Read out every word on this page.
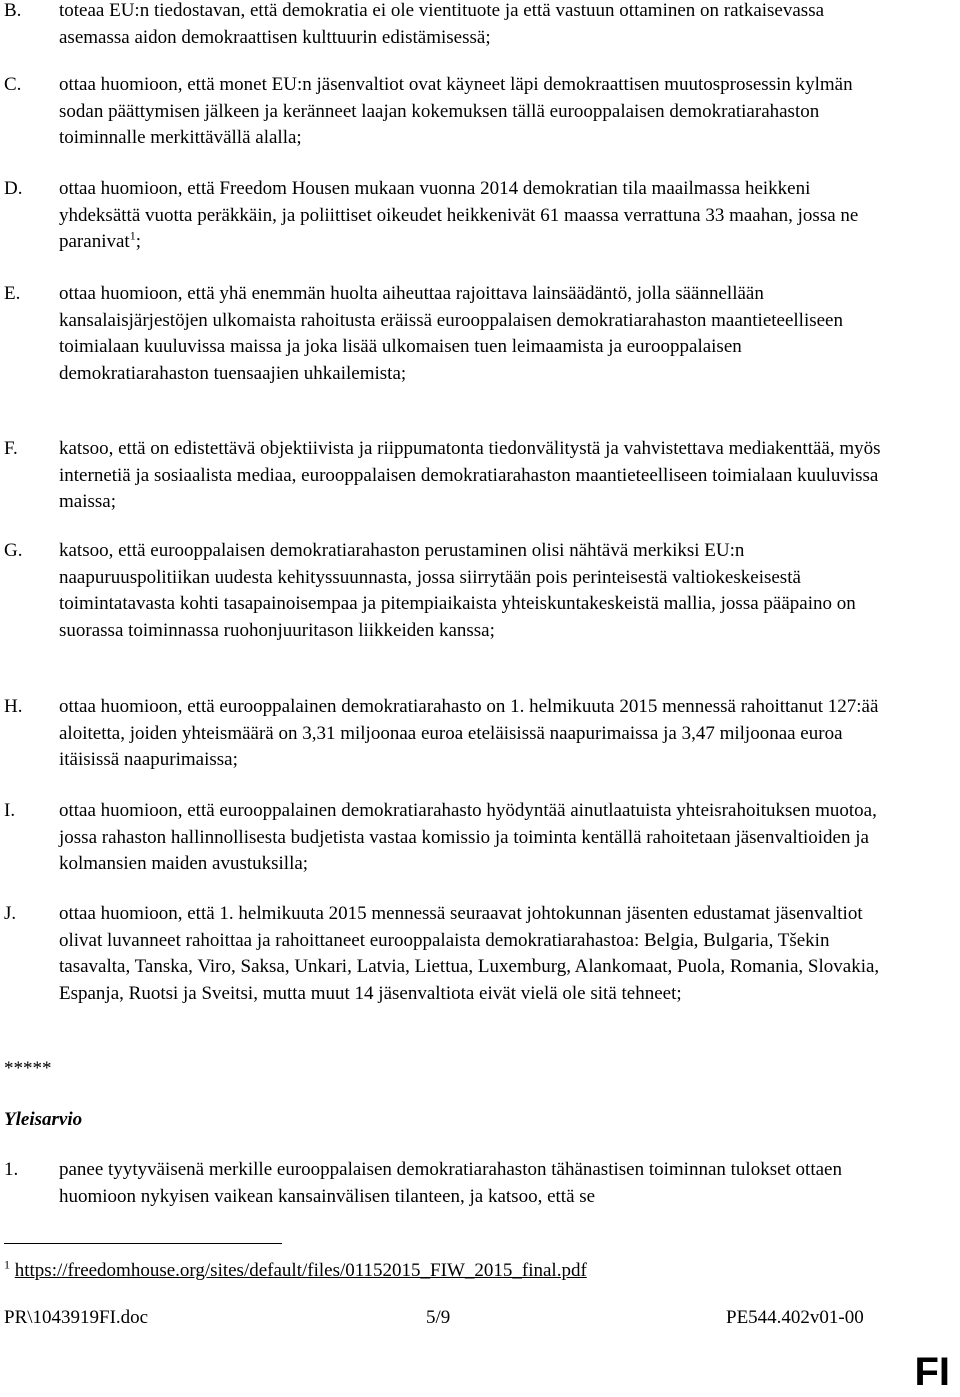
B.	toteaa EU:n tiedostavan, että demokratia ei ole vientituote ja että vastuun ottaminen on ratkaisevassa asemassa aidon demokraattisen kulttuurin edistämisessä;
C.	ottaa huomioon, että monet EU:n jäsenvaltiot ovat käyneet läpi demokraattisen muutosprosessin kylmän sodan päättymisen jälkeen ja keränneet laajan kokemuksen tällä eurooppalaisen demokratiarahaston toiminnalle merkittävällä alalla;
D.	ottaa huomioon, että Freedom Housen mukaan vuonna 2014 demokratian tila maailmassa heikkeni yhdeksättä vuotta peräkkäin, ja poliittiset oikeudet heikkenivät 61 maassa verrattuna 33 maahan, jossa ne paranivat$^1$;
E.	ottaa huomioon, että yhä enemmän huolta aiheuttaa rajoittava lainsäädäntö, jolla säännellään kansalaisjärjestöjen ulkomaista rahoitusta eräissä eurooppalaisen demokratiarahaston maantieteelliseen toimialaan kuuluvissa maissa ja joka lisää ulkomaisen tuen leimaamista ja eurooppalaisen demokratiarahaston tuensaajien uhkailemista;
F.	katsoo, että on edistettävä objektiivista ja riippumatonta tiedonvälitystä ja vahvistettava mediakenttää, myös internetiä ja sosiaalista mediaa, eurooppalaisen demokratiarahaston maantieteelliseen toimialaan kuuluvissa maissa;
G.	katsoo, että eurooppalaisen demokratiarahaston perustaminen olisi nähtävä merkiksi EU:n naapuruuspolitiikan uudesta kehityssuunnasta, jossa siirrytään pois perinteisestä valtiokeskeisestä toimintatavasta kohti tasapainoisempaa ja pitempiaikaista yhteiskuntakeskeistä mallia, jossa pääpaino on suorassa toiminnassa ruohonjuuritason liikkeiden kanssa;
H.	ottaa huomioon, että eurooppalainen demokratiarahasto on 1. helmikuuta 2015 mennessä rahoittanut 127:ää aloitetta, joiden yhteismäärä on 3,31 miljoonaa euroa eteläisissä naapurimaissa ja 3,47 miljoonaa euroa itäisissä naapurimaissa;
I.	ottaa huomioon, että eurooppalainen demokratiarahasto hyödyntää ainutlaatuista yhteisrahoituksen muotoa, jossa rahaston hallinnollisesta budjetista vastaa komissio ja toiminta kentällä rahoitetaan jäsenvaltioiden ja kolmansien maiden avustuksilla;
J.	ottaa huomioon, että 1. helmikuuta 2015 mennessä seuraavat johtokunnan jäsenten edustamat jäsenvaltiot olivat luvanneet rahoittaa ja rahoittaneet eurooppalaista demokratiarahastoa: Belgia, Bulgaria, Tšekin tasavalta, Tanska, Viro, Saksa, Unkari, Latvia, Liettua, Luxemburg, Alankomaat, Puola, Romania, Slovakia, Espanja, Ruotsi ja Sveitsi, mutta muut 14 jäsenvaltiota eivät vielä ole sitä tehneet;
*****
Yleisarvio
1.	panee tyytyväisenä merkille eurooppalaisen demokratiarahaston tähänastisen toiminnan tulokset ottaen huomioon nykyisen vaikean kansainvälisen tilanteen, ja katsoo, että se
$^1$ https://freedomhouse.org/sites/default/files/01152015_FIW_2015_final.pdf
PR\1043919FI.doc	5/9	PE544.402v01-00
FI
